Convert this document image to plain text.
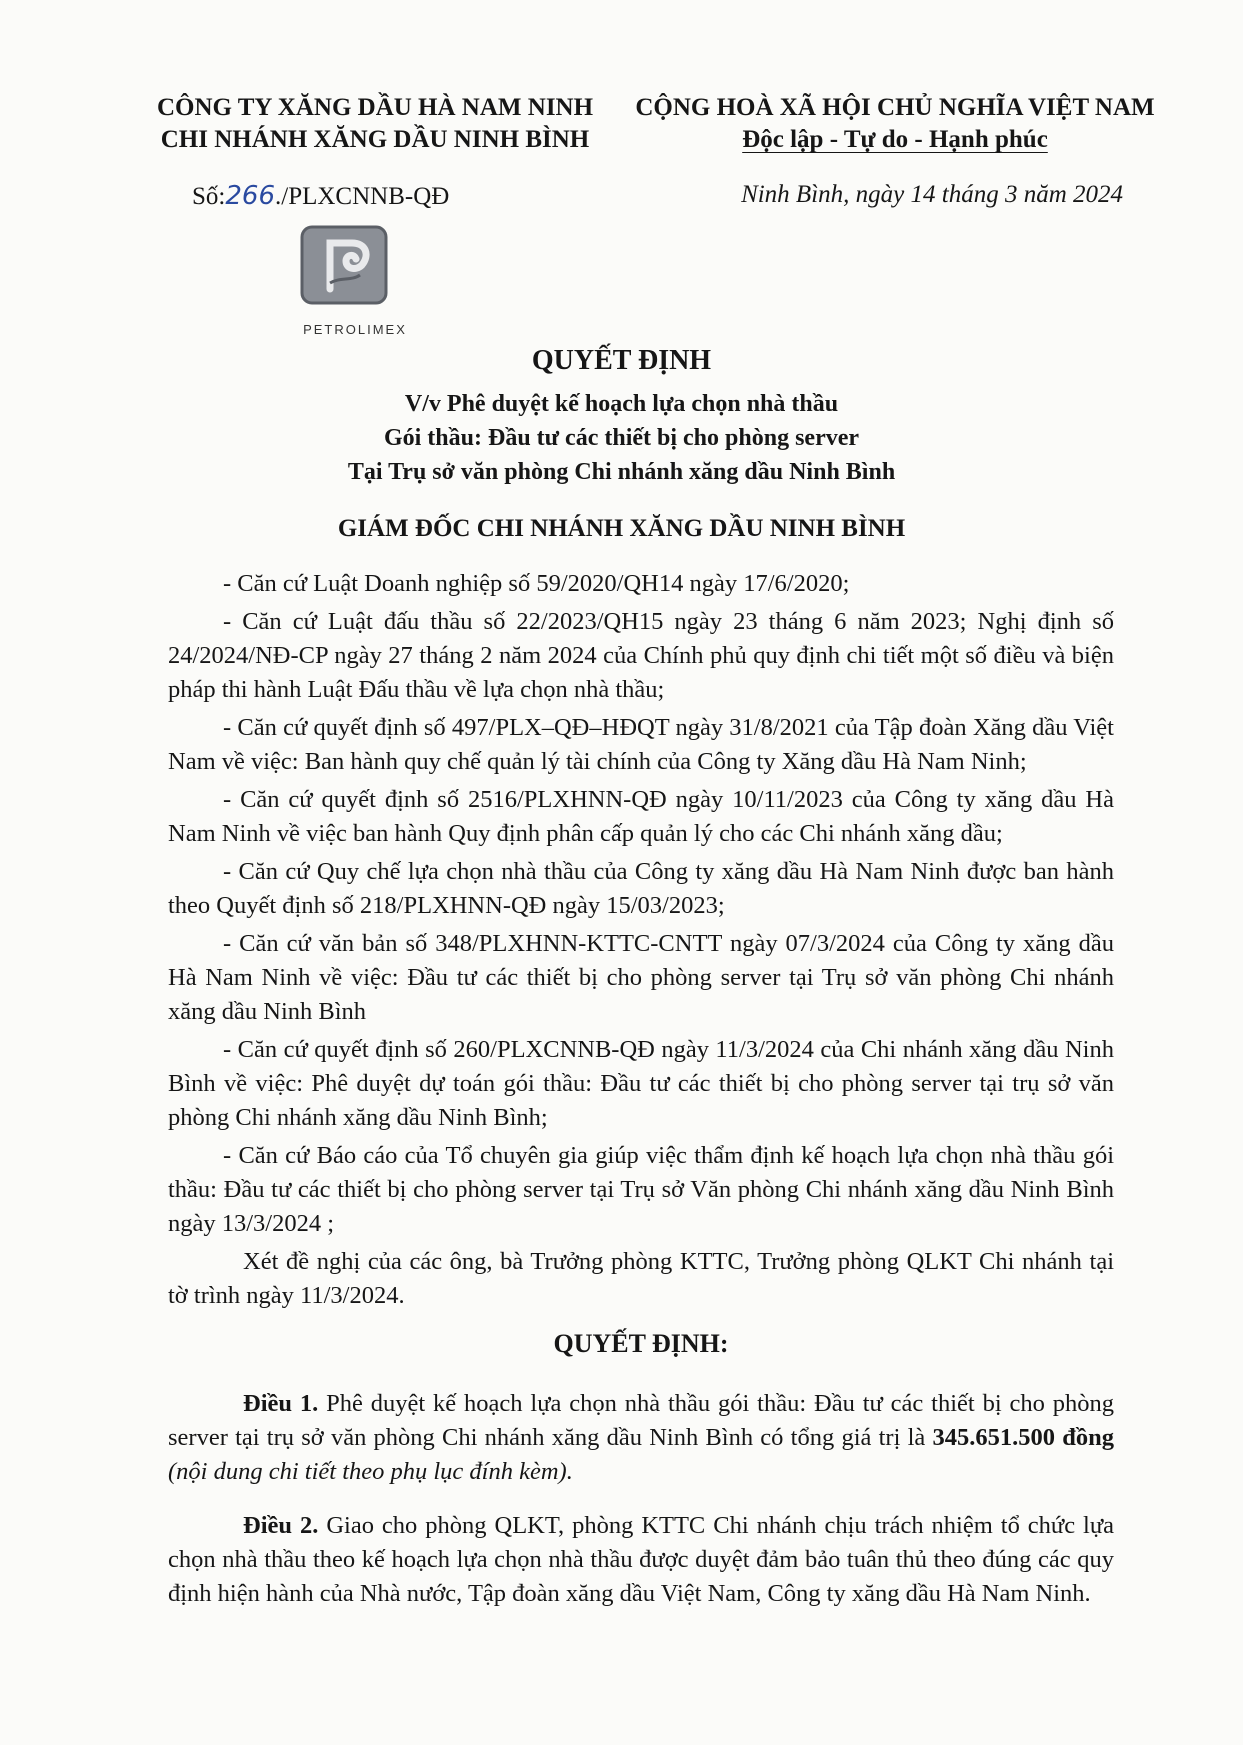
CÔNG TY XĂNG DẦU HÀ NAM NINH
CHI NHÁNH XĂNG DẦU NINH BÌNH
CỘNG HOÀ XÃ HỘI CHỦ NGHĨA VIỆT NAM
Độc lập - Tự do - Hạnh phúc
Số:266./PLXCNNB-QĐ	Ninh Bình, ngày 14 tháng 3 năm 2024
PETROLIMEX
QUYẾT ĐỊNH
V/v Phê duyệt kế hoạch lựa chọn nhà thầu
Gói thầu: Đầu tư các thiết bị cho phòng server
Tại Trụ sở văn phòng Chi nhánh xăng dầu Ninh Bình
GIÁM ĐỐC CHI NHÁNH XĂNG DẦU NINH BÌNH

- Căn cứ Luật Doanh nghiệp số 59/2020/QH14 ngày 17/6/2020;

- Căn cứ Luật đấu thầu số 22/2023/QH15 ngày 23 tháng 6 năm 2023; Nghị định số 24/2024/NĐ-CP ngày 27 tháng 2 năm 2024 của Chính phủ quy định chi tiết một số điều và biện pháp thi hành Luật Đấu thầu về lựa chọn nhà thầu;

- Căn cứ quyết định số 497/PLX–QĐ–HĐQT ngày 31/8/2021 của Tập đoàn Xăng dầu Việt Nam về việc: Ban hành quy chế quản lý tài chính của Công ty Xăng dầu Hà Nam Ninh;

- Căn cứ quyết định số 2516/PLXHNN-QĐ ngày 10/11/2023 của Công ty xăng dầu Hà Nam Ninh về việc ban hành Quy định phân cấp quản lý cho các Chi nhánh xăng dầu;

- Căn cứ Quy chế lựa chọn nhà thầu của Công ty xăng dầu Hà Nam Ninh được ban hành theo Quyết định số 218/PLXHNN-QĐ ngày 15/03/2023;

- Căn cứ văn bản số 348/PLXHNN-KTTC-CNTT ngày 07/3/2024 của Công ty xăng dầu Hà Nam Ninh về việc: Đầu tư các thiết bị cho phòng server tại Trụ sở văn phòng Chi nhánh xăng dầu Ninh Bình

- Căn cứ quyết định số 260/PLXCNNB-QĐ ngày 11/3/2024 của Chi nhánh xăng dầu Ninh Bình về việc: Phê duyệt dự toán gói thầu: Đầu tư các thiết bị cho phòng server tại trụ sở văn phòng Chi nhánh xăng dầu Ninh Bình;

- Căn cứ Báo cáo của Tổ chuyên gia giúp việc thẩm định kế hoạch lựa chọn nhà thầu gói thầu: Đầu tư các thiết bị cho phòng server tại Trụ sở Văn phòng Chi nhánh xăng dầu Ninh Bình ngày 13/3/2024 ;

Xét đề nghị của các ông, bà Trưởng phòng KTTC, Trưởng phòng QLKT Chi nhánh tại tờ trình ngày 11/3/2024.

QUYẾT ĐỊNH:

Điều 1. Phê duyệt kế hoạch lựa chọn nhà thầu gói thầu: Đầu tư các thiết bị cho phòng server tại trụ sở văn phòng Chi nhánh xăng dầu Ninh Bình có tổng giá trị là 345.651.500 đồng (nội dung chi tiết theo phụ lục đính kèm).

Điều 2. Giao cho phòng QLKT, phòng KTTC Chi nhánh chịu trách nhiệm tổ chức lựa chọn nhà thầu theo kế hoạch lựa chọn nhà thầu được duyệt đảm bảo tuân thủ theo đúng các quy định hiện hành của Nhà nước, Tập đoàn xăng dầu Việt Nam, Công ty xăng dầu Hà Nam Ninh.
